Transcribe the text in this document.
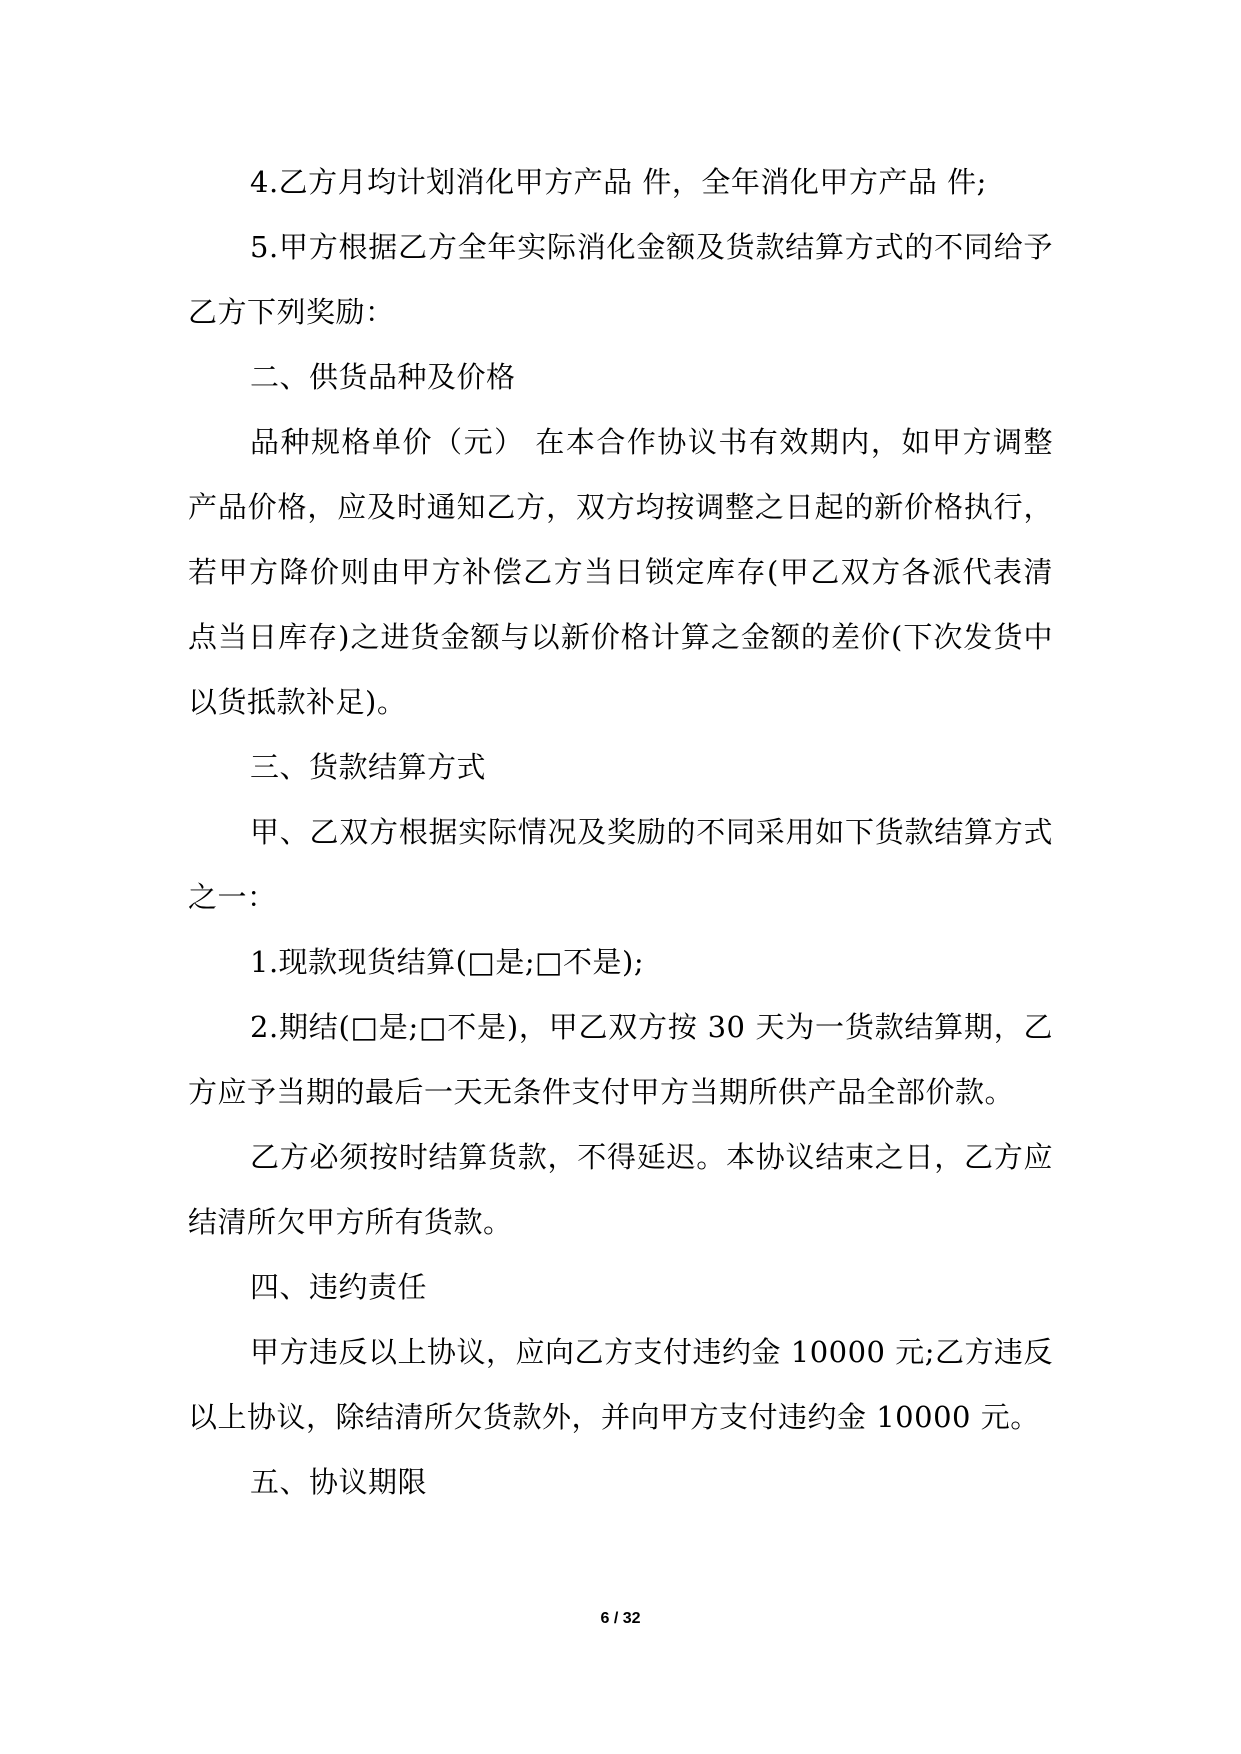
4.乙方月均计划消化甲方产品 件，全年消化甲方产品 件;

5.甲方根据乙方全年实际消化金额及货款结算方式的不同给予乙方下列奖励：

二、供货品种及价格

品种规格单价（元） 在本合作协议书有效期内，如甲方调整产品价格，应及时通知乙方，双方均按调整之日起的新价格执行，若甲方降价则由甲方补偿乙方当日锁定库存(甲乙双方各派代表清点当日库存)之进货金额与以新价格计算之金额的差价(下次发货中以货抵款补足)。

三、货款结算方式

甲、乙双方根据实际情况及奖励的不同采用如下货款结算方式之一：

1.现款现货结算(□是;□不是);

2.期结(□是;□不是)，甲乙双方按 30 天为一货款结算期，乙方应予当期的最后一天无条件支付甲方当期所供产品全部价款。

乙方必须按时结算货款，不得延迟。本协议结束之日，乙方应结清所欠甲方所有货款。

四、违约责任

甲方违反以上协议，应向乙方支付违约金 10000 元;乙方违反以上协议，除结清所欠货款外，并向甲方支付违约金 10000 元。

五、协议期限

6 / 32
